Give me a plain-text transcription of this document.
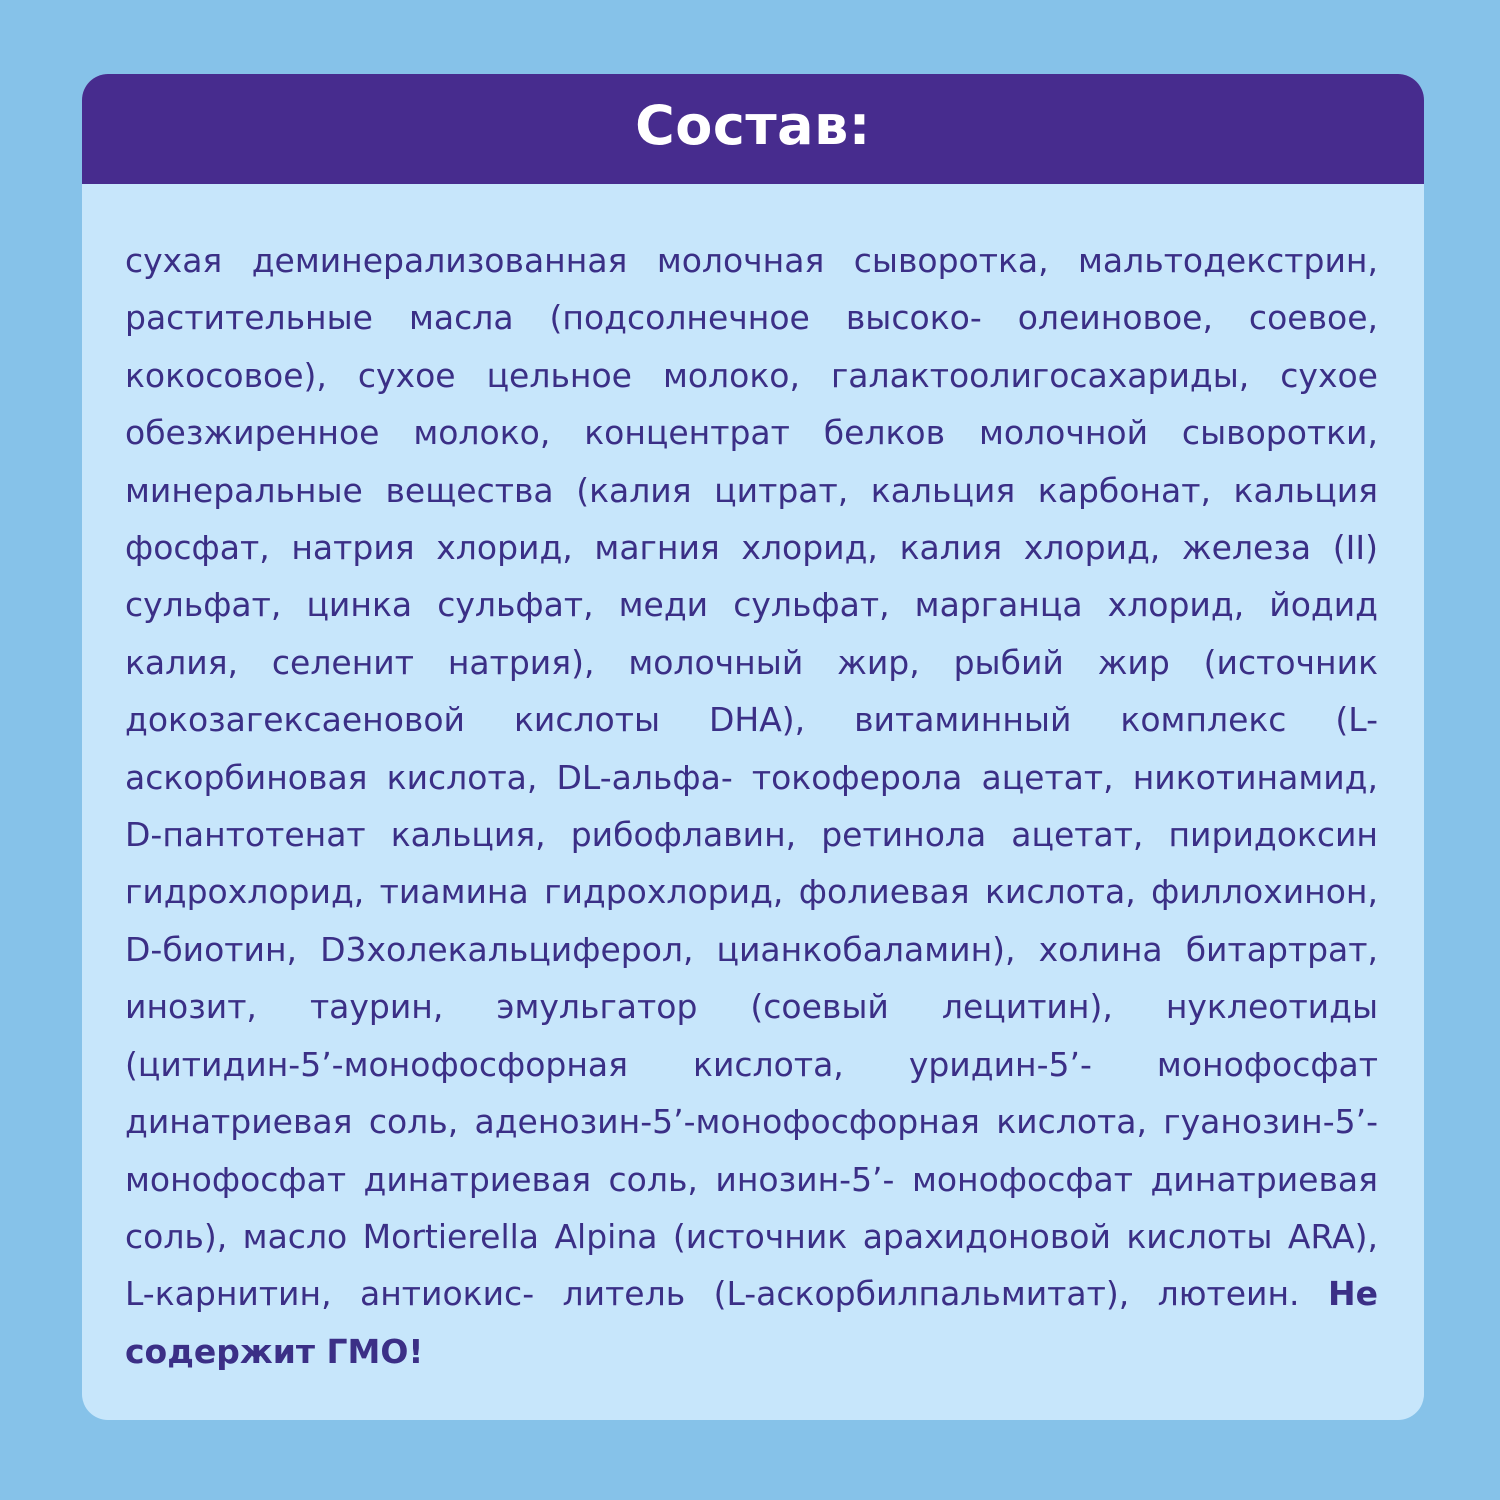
Состав:
сухая деминерализованная молочная сыворотка, мальтодекстрин, растительные масла (подсолнечное высоко- олеиновое, соевое, кокосовое), сухое цельное молоко, галактоолигосахариды, сухое обезжиренное молоко, концентрат белков молочной сыворотки, минеральные вещества (калия цитрат, кальция карбонат, кальция фосфат, натрия хлорид, магния хлорид, калия хлорид, железа (II) сульфат, цинка сульфат, меди сульфат, марганца хлорид, йодид калия, селенит натрия), молочный жир, рыбий жир (источник докозагексаеновой кислоты DHA), витаминный комплекс (L-аскорбиновая кислота, DL-альфа- токоферола ацетат, никотинамид, D-пантотенат кальция, рибофлавин, ретинола ацетат, пиридоксин гидрохлорид, тиамина гидрохлорид, фолиевая кислота, филлохинон, D-биотин, D3холекальциферол, цианкобаламин), холина битартрат, инозит, таурин, эмульгатор (соевый лецитин), нуклеотиды (цитидин-5’-монофосфорная кислота, уридин-5’- монофосфат динатриевая соль, аденозин-5’-монофосфорная кислота, гуанозин-5’-монофосфат динатриевая соль, инозин-5’- монофосфат динатриевая соль), масло Mortierella Alpina (источник арахидоновой кислоты ARA), L-карнитин, антиокис- литель (L-аскорбилпальмитат), лютеин. Не содержит ГМО!
